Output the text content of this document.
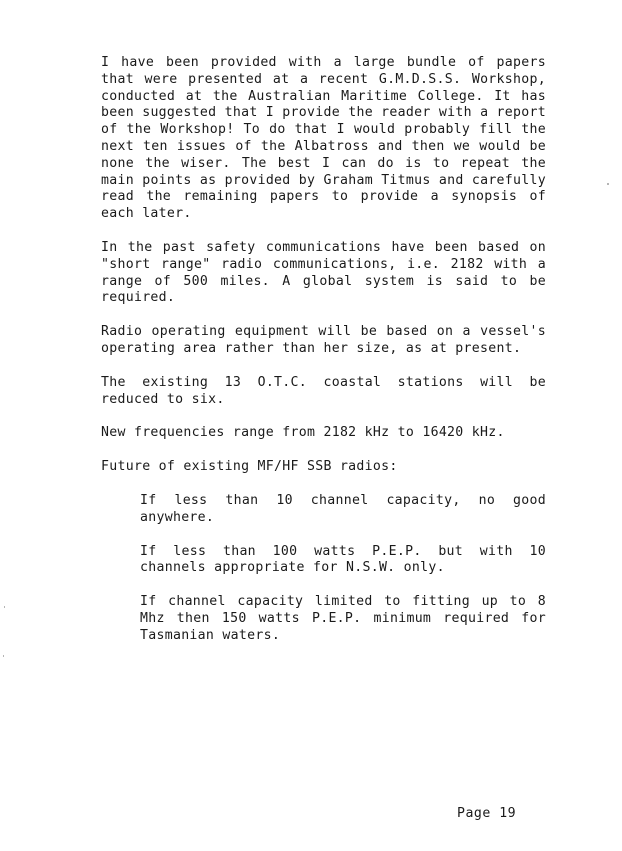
I have been provided with a large bundle of papers that were presented at a recent G.M.D.S.S. Workshop, conducted at the Australian Maritime College. It has been suggested that I provide the reader with a report of the Workshop! To do that I would probably fill the next ten issues of the Albatross and then we would be none the wiser. The best I can do is to repeat the main points as provided by Graham Titmus and carefully read the remaining papers to provide a synopsis of each later.

In the past safety communications have been based on "short range" radio communications, i.e. 2182 with a range of 500 miles. A global system is said to be required.

Radio operating equipment will be based on a vessel's operating area rather than her size, as at present.

The existing 13 O.T.C. coastal stations will be reduced to six.

New frequencies range from 2182 kHz to 16420 kHz.

Future of existing MF/HF SSB radios:

If less than 10 channel capacity, no good anywhere.

If less than 100 watts P.E.P. but with 10 channels appropriate for N.S.W. only.

If channel capacity limited to fitting up to 8 Mhz then 150 watts P.E.P. minimum required for Tasmanian waters.

Page 19
